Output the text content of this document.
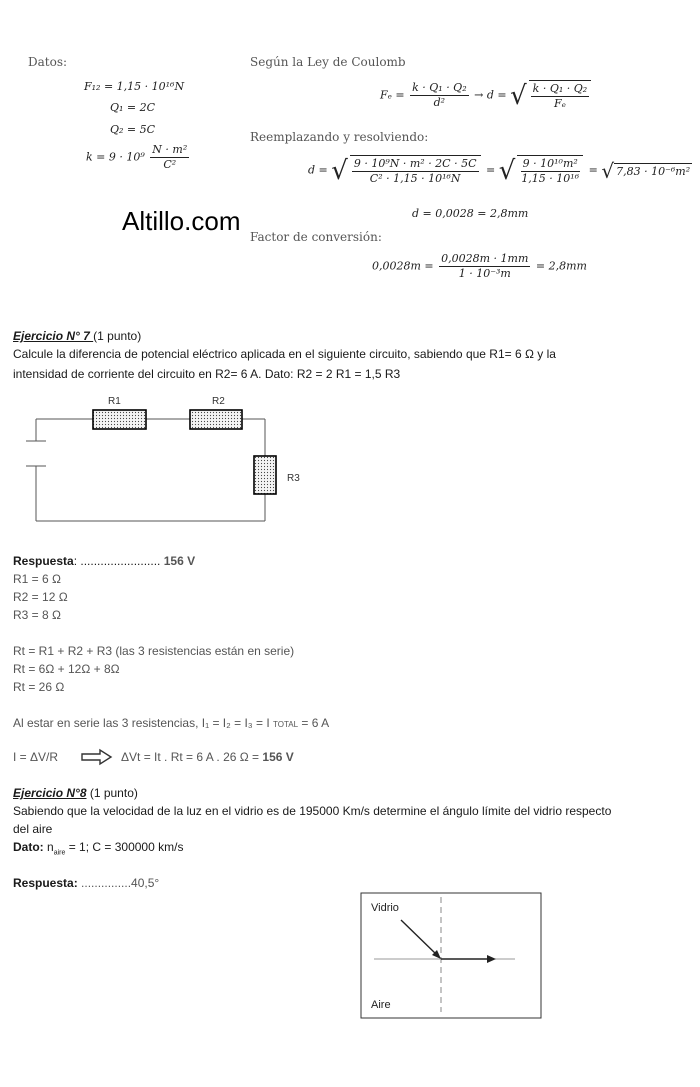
Datos:
F₁₂ = 1,15 · 10¹⁶N
Q₁ = 2C
Q₂ = 5C
$k = 9 \cdot 10^9 \frac{\text{N · m²}}{\text{C²}}$
Según la Ley de Coulomb
$F_e = \frac{\text{k · Q₁ · Q₂}}{\text{d²}} \to d$ = √ $\frac{\text{k · Q₁ · Q₂}}{\text{Fₑ}}$
Reemplazando y resolviendo:
d = √ $\frac{\text{9 · 10⁹N · m² · 2C · 5C}}{\text{C² · 1,15 · 10¹⁶N}}$ = √ $\frac{\text{9 · 10¹⁰m²}}{\text{1,15 · 10¹⁶}}$ = √ 7,83 · 10⁻⁶m²
d = 0,0028 = 2,8mm
Altillo.com
Factor de conversión:
$0,0028m = \frac{0,0028m \cdot 1mm}{\text{1 · 10⁻³m}} = 2,8mm$
Ejercicio N° 7 (1 punto)
Calcule la diferencia de potencial eléctrico aplicada en el siguiente circuito, sabiendo que R1= 6 Ω y la
intensidad de corriente del circuito en R2= 6 A. Dato: R2 = 2 R1 = 1,5 R3
R1	R2
R3
Respuesta: ........................ 156 V
R1 = 6 Ω
R2 = 12 Ω
R3 = 8 Ω
Rt = R1 + R2 + R3 (las 3 resistencias están en serie)
Rt = 6Ω + 12Ω + 8Ω
Rt = 26 Ω
Al estar en serie las 3 resistencias, I₁ = I₂ = I₃ = I TOTAL = 6 A
I = ΔV/R	ΔVt = It . Rt = 6 A . 26 Ω = 156 V
Ejercicio N°8 (1 punto)
Sabiendo que la velocidad de la luz en el vidrio es de 195000 Km/s determine el ángulo límite del vidrio respecto
del aire
Dato: $n_{aire} = 1$; C = 300000 km/s
Respuesta: ...............40,5°
Vidrio
Aire
